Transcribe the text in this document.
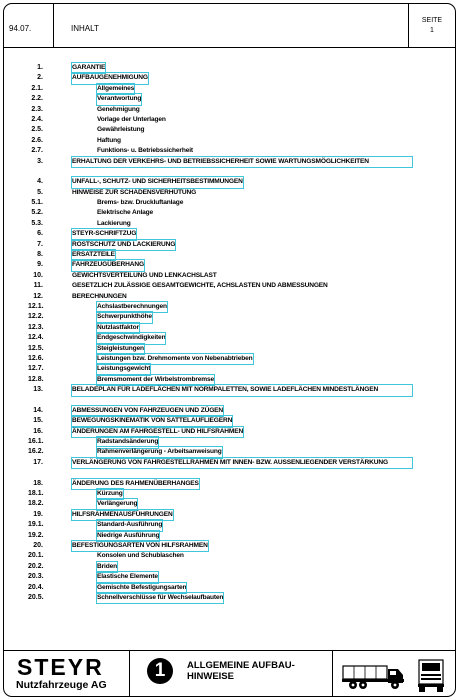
94.07.	INHALT
SEITE
1
1.	GARANTIE
2.	AUFBAUGENEHMIGUNG
2.1.	Allgemeines
2.2.	Verantwortung
2.3.	Genehmigung
2.4.	Vorlage der Unterlagen
2.5.	Gewährleistung
2.6.	Haftung
2.7.	Funktions- u. Betriebssicherheit
3.	ERHALTUNG DER VERKEHRS- UND BETRIEBSSICHERHEIT SOWIE WARTUNGSMÖGLICHKEITEN
4.	UNFALL-, SCHUTZ- UND SICHERHEITSBESTIMMUNGEN
5.	HINWEISE ZUR SCHADENSVERHÜTUNG
5.1.	Brems- bzw. Druckluftanlage
5.2.	Elektrische Anlage
5.3.	Lackierung
6.	STEYR-SCHRIFTZUG
7.	ROSTSCHUTZ UND LACKIERUNG
8.	ERSATZTEILE
9.	FAHRZEUGÜBERHANG
10.	GEWICHTSVERTEILUNG UND LENKACHSLAST
11.	GESETZLICH ZULÄSSIGE GESAMTGEWICHTE, ACHSLASTEN UND ABMESSUNGEN
12.	BERECHNUNGEN
12.1.	Achslastberechnungen
12.2.	Schwerpunkthöhe
12.3.	Nutzlastfaktor
12.4.	Endgeschwindigkeiten
12.5.	Steigleistungen
12.6.	Leistungen bzw. Drehmomente von Nebenabtrieben
12.7.	Leistungsgewicht
12.8.	Bremsmoment der Wirbelstrombremse
13.	BELADEPLAN FÜR LADEFLÄCHEN MIT NORMPALETTEN, SOWIE LADEFLÄCHEN MINDESTLÄNGEN
14.	ABMESSUNGEN VON FAHRZEUGEN UND ZÜGEN
15.	BEWEGUNGSKINEMATIK VON SATTELAUFLIEGERN
16.	ÄNDERUNGEN AM FAHRGESTELL- UND HILFSRAHMEN
16.1.	Radstandsänderung
16.2.	Rahmenverlängerung - Arbeitsanweisung
17.	VERLÄNGERUNG VON FAHRGESTELLRAHMEN MIT INNEN- BZW. AUSSENLIEGENDER VERSTÄRKUNG
18.	ÄNDERUNG DES RAHMENÜBERHANGES
18.1.	Kürzung
18.2.	Verlängerung
19.	HILFSRAHMENAUSFÜHRUNGEN
19.1.	Standard-Ausführung
19.2.	Niedrige Ausführung
20.	BEFESTIGUNGSARTEN VON HILFSRAHMEN
20.1.	Konsolen und Schublaschen
20.2.	Briden
20.3.	Elastische Elemente
20.4.	Gemischte Befestigungsarten
20.5.	Schnellverschlüsse für Wechselaufbauten
STEYR
Nutzfahrzeuge AG
1	ALLGEMEINE AUFBAU-
HINWEISE
